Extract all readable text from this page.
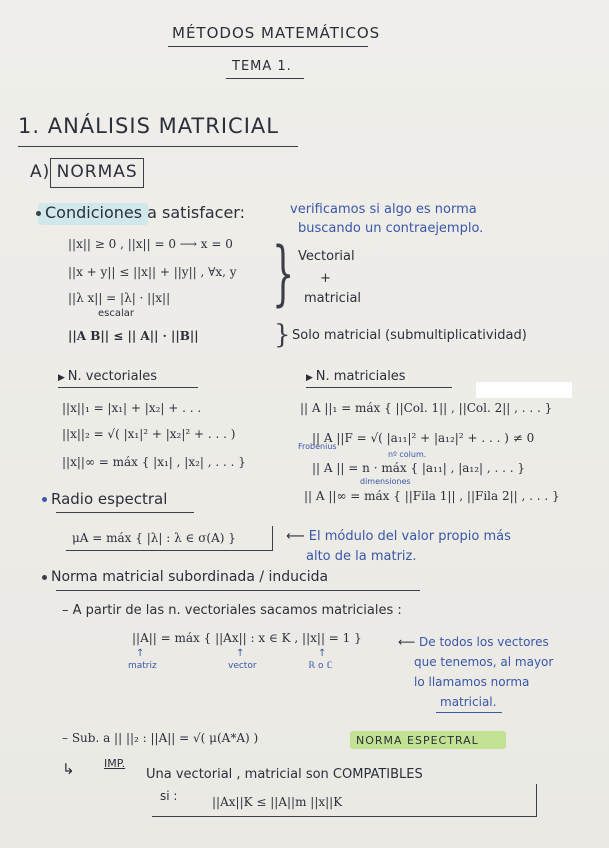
MÉTODOS MATEMÁTICOS
TEMA 1.
1. ANÁLISIS MATRICIAL
A) NORMAS
Condiciones a satisfacer:	verificamos si algo es norma
buscando un contraejemplo.
||x|| ≥ 0 , ||x|| = 0 ⟶ x = 0
||x + y|| ≤ ||x|| + ||y|| , ∀x, y
||λ x|| = |λ| · ||x||
escalar
||A B|| ≤ || A|| · ||B||
} Vectorial
+
matricial
} Solo matricial (submultiplicatividad)
▶ N. vectoriales
||x||₁ = |x₁| + |x₂| + . . .
||x||₂ = √( |x₁|² + |x₂|² + . . . )
||x||∞ = máx { |x₁| , |x₂| , . . . }
▶ N. matriciales
|| A ||₁ = máx { ||Col. 1|| , ||Col. 2|| , . . . }
Frobenius
|| A ||F = √( |a₁₁|² + |a₁₂|² + . . . ) ≠ 0
nº colum.
|| A || = n · máx { |a₁₁| , |a₁₂| , . . . }
dimensiones
|| A ||∞ = máx { ||Fila 1|| , ||Fila 2|| , . . . }
Radio espectral
μA = máx { |λ| : λ ∈ σ(A) }	⟵ El módulo del valor propio más
alto de la matriz.
Norma matricial subordinada / inducida
– A partir de las n. vectoriales sacamos matriciales :
||A|| = máx { ||Ax|| : x ∈ K , ||x|| = 1 }
↑
matriz
↑
vector
↑
ℝ o ℂ
⟵ De todos los vectores
que tenemos, al mayor
lo llamamos norma
matricial.
– Sub. a || ||₂ : ||A|| = √( μ(A*A) )	NORMA ESPECTRAL
↳	IMP.
Una vectorial , matricial son COMPATIBLES
si :	||Ax||K ≤ ||A||m ||x||K
